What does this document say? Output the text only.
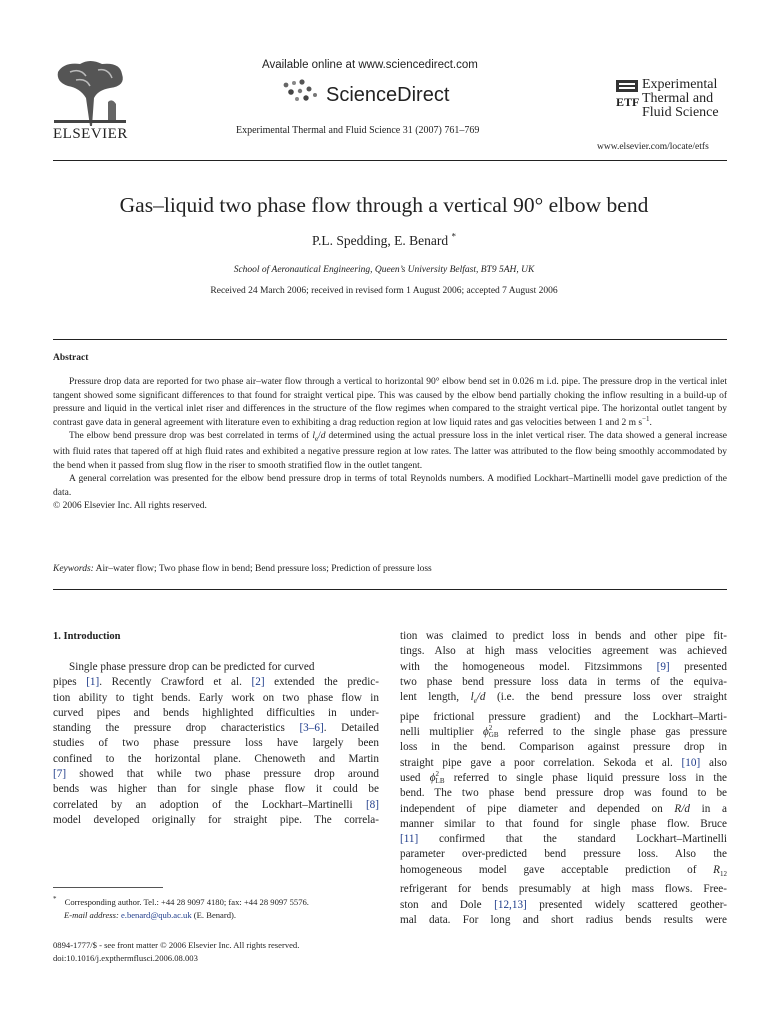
ELSEVIER
Available online at www.sciencedirect.com
ScienceDirect
Experimental Thermal and Fluid Science 31 (2007) 761–769
ETF
Experimental
Thermal and
Fluid Science
www.elsevier.com/locate/etfs
Gas–liquid two phase flow through a vertical 90° elbow bend
P.L. Spedding, E. Benard *
School of Aeronautical Engineering, Queen’s University Belfast, BT9 5AH, UK
Received 24 March 2006; received in revised form 1 August 2006; accepted 7 August 2006
Abstract

Pressure drop data are reported for two phase air–water flow through a vertical to horizontal 90° elbow bend set in 0.026 m i.d. pipe. The pressure drop in the vertical inlet tangent showed some significant differences to that found for straight vertical pipe. This was caused by the elbow bend partially choking the inflow resulting in a build-up of pressure and liquid in the vertical inlet riser and differences in the structure of the flow regimes when compared to the straight vertical pipe. The horizontal outlet tangent by contrast gave data in general agreement with literature even to exhibiting a drag reduction region at low liquid rates and gas velocities between 1 and 2 m $s^{-1}$.

The elbow bend pressure drop was best correlated in terms of $l_e/d$ determined using the actual pressure loss in the inlet vertical riser. The data showed a general increase with fluid rates that tapered off at high fluid rates and exhibited a negative pressure region at low rates. The latter was attributed to the flow being smoothly accommodated by the bend when it passed from slug flow in the riser to smooth stratified flow in the outlet tangent.

A general correlation was presented for the elbow bend pressure drop in terms of total Reynolds numbers. A modified Lockhart–Martinelli model gave prediction of the data.

© 2006 Elsevier Inc. All rights reserved.

Keywords: Air–water flow; Two phase flow in bend; Bend pressure loss; Prediction of pressure loss
1. Introduction
Single phase pressure drop can be predicted for curved
pipes [1]. Recently Crawford et al. [2] extended the predic-
tion ability to tight bends. Early work on two phase flow in
curved pipes and bends highlighted difficulties in under-
standing the pressure drop characteristics [3–6]. Detailed
studies of two phase pressure loss have largely been
confined to the horizontal plane. Chenoweth and Martin
[7] showed that while two phase pressure drop around
bends was higher than for single phase flow it could be
correlated by an adoption of the Lockhart–Martinelli [8]
model developed originally for straight pipe. The correla-
* Corresponding author. Tel.: +44 28 9097 4180; fax: +44 28 9097 5576.
E-mail address: e.benard@qub.ac.uk (E. Benard).
0894-1777/$ - see front matter © 2006 Elsevier Inc. All rights reserved.
doi:10.1016/j.expthermflusci.2006.08.003
tion was claimed to predict loss in bends and other pipe fit-
tings. Also at high mass velocities agreement was achieved
with the homogeneous model. Fitzsimmons [9] presented
two phase bend pressure loss data in terms of the equiva-
lent length, $l_e/d$ (i.e. the bend pressure loss over straight
pipe frictional pressure gradient) and the Lockhart–Marti-
nelli multiplier ϕ 2
GB referred to the single phase gas pressure
loss in the bend. Comparison against pressure drop in
straight pipe gave a poor correlation. Sekoda et al. [10] also
used ϕ 2
LB referred to single phase liquid pressure loss in the
bend. The two phase bend pressure drop was found to be
independent of pipe diameter and depended on R/d in a
manner similar to that found for single phase flow. Bruce
[11] confirmed that the standard Lockhart–Martinelli
parameter over-predicted bend pressure loss. Also the
homogeneous model gave acceptable prediction of $R_{12}$
refrigerant for bends presumably at high mass flows. Free-
ston and Dole [12,13] presented widely scattered geother-
mal data. For long and short radius bends results were
